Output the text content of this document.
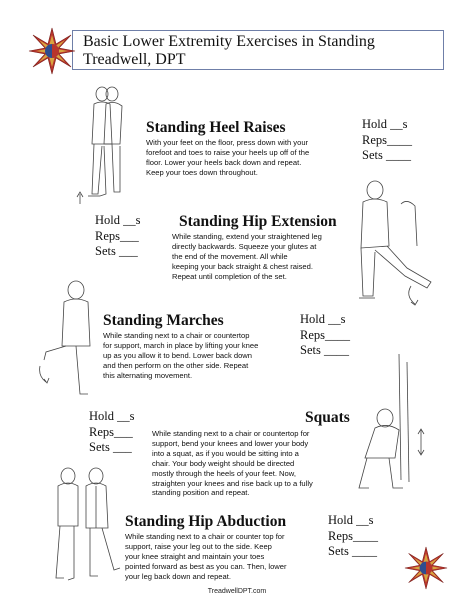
Basic Lower Extremity Exercises in Standing
Treadwell, DPT
Standing Heel Raises
With your feet on the floor, press down with your
forefoot and toes to raise your heels up off of the
floor. Lower your heels back down and repeat.
Keep your toes down throughout.
Hold __s
Reps____
Sets ____
Hold __s
Reps___
Sets ___
Standing Hip Extension
While standing, extend your straightened leg
directly backwards. Squeeze your glutes at
the end of the movement. All while
keeping your back straight & chest raised.
Repeat until completion of the set.
Standing Marches
While standing next to a chair or countertop
for support, march in place by lifting your knee
up as you allow it to bend. Lower back down
and then perform on the other side. Repeat
this alternating movement.
Hold __s
Reps____
Sets ____
Hold __s
Reps___
Sets ___
Squats
While standing next to a chair or countertop for
support, bend your knees and lower your body
into a squat, as if you would be sitting into a
chair. Your body weight should be directed
mostly through the heels of your feet. Now,
straighten your knees and rise back up to a fully
standing position and repeat.
Standing Hip Abduction
While standing next to a chair or counter top for
support, raise your leg out to the side. Keep
your knee straight and maintain your toes
pointed forward as best as you can. Then, lower
your leg back down and repeat.
Hold __s
Reps____
Sets ____
TreadwellDPT.com
